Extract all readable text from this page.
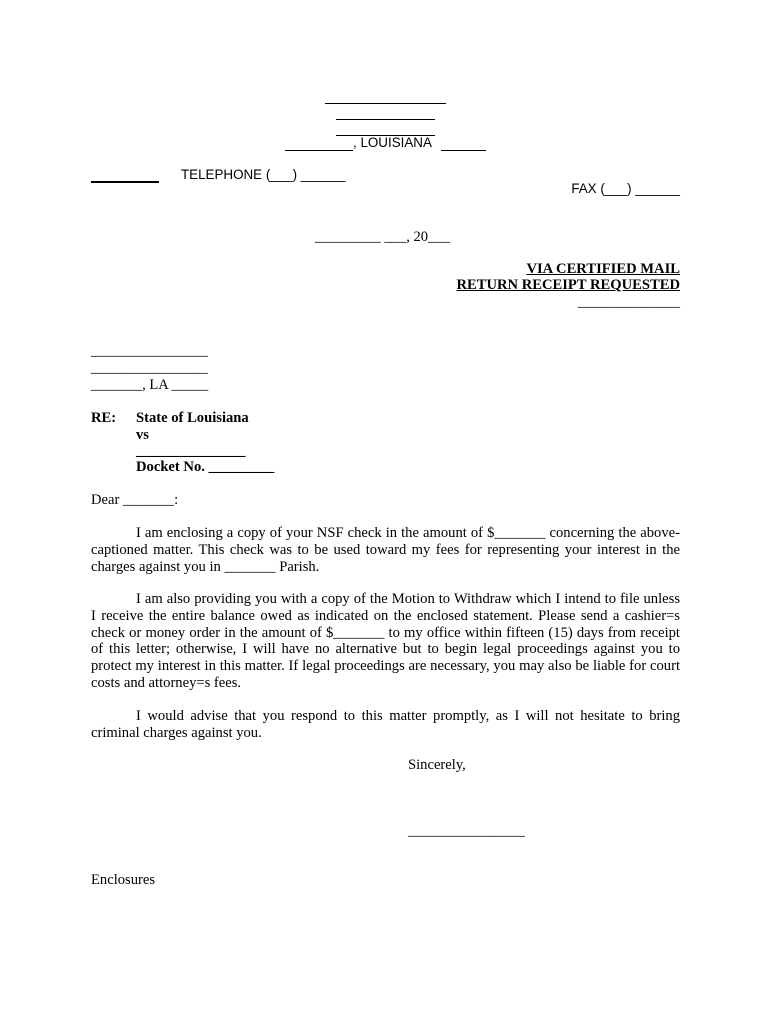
, LOUISIANA
TELEPHONE (___) ______
FAX (___) ______
_________ ___, 20___
VIA CERTIFIED MAIL
RETURN RECEIPT REQUESTED
______________
________________
________________
_______, LA _____
RE: State of Louisiana
vs
_______________
Docket No. _________
Dear _______:
I am enclosing a copy of your NSF check in the amount of $_______ concerning the above-captioned matter. This check was to be used toward my fees for representing your interest in the charges against you in _______ Parish.
I am also providing you with a copy of the Motion to Withdraw which I intend to file unless I receive the entire balance owed as indicated on the enclosed statement. Please send a cashier=s check or money order in the amount of $_______ to my office within fifteen (15) days from receipt of this letter; otherwise, I will have no alternative but to begin legal proceedings against you to protect my interest in this matter. If legal proceedings are necessary, you may also be liable for court costs and attorney=s fees.
I would advise that you respond to this matter promptly, as I will not hesitate to bring criminal charges against you.
Sincerely,
________________
Enclosures
